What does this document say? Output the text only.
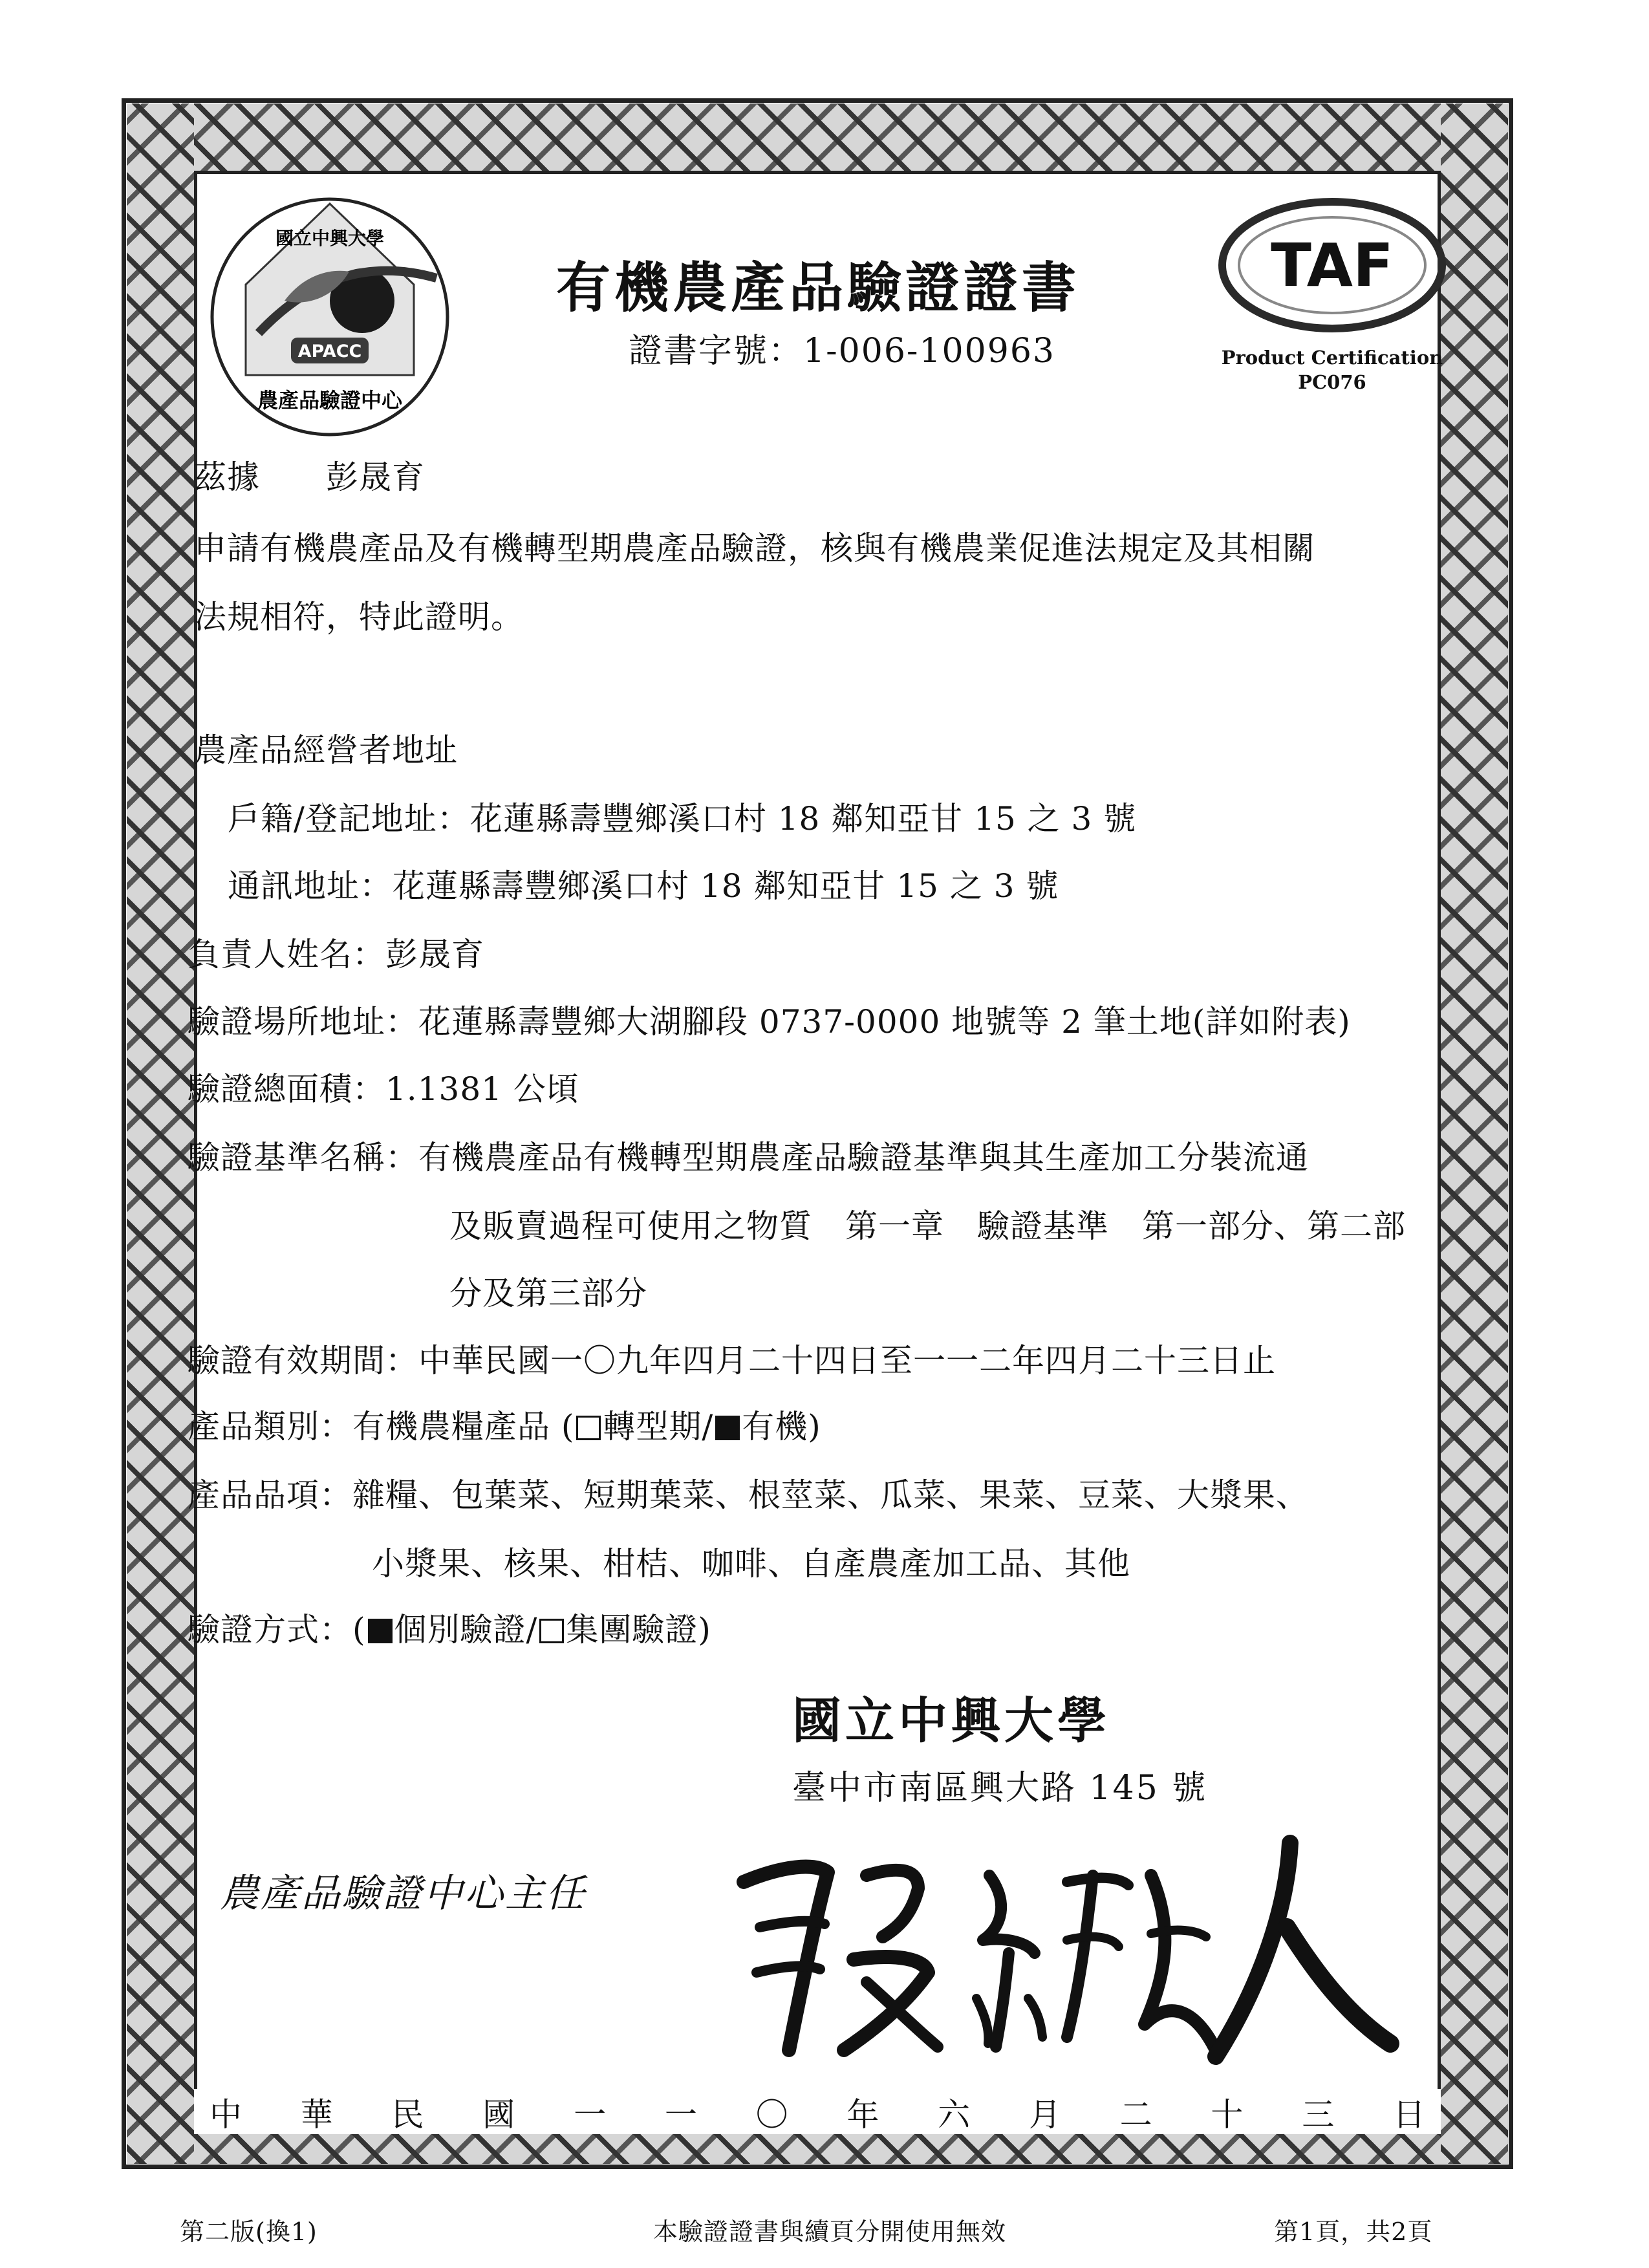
APACC
國立中興大學
農產品驗證中心
有機農產品驗證證書
證書字號：1-006-100963
TAF
Product Certification
PC076
茲據　　彭晟育
申請有機農產品及有機轉型期農產品驗證，核與有機農業促進法規定及其相關
法規相符，特此證明。
農產品經營者地址
戶籍/登記地址：花蓮縣壽豐鄉溪口村 18 鄰知亞甘 15 之 3 號
通訊地址：花蓮縣壽豐鄉溪口村 18 鄰知亞甘 15 之 3 號
負責人姓名：彭晟育
驗證場所地址：花蓮縣壽豐鄉大湖腳段 0737-0000 地號等 2 筆土地(詳如附表)
驗證總面積：1.1381 公頃
驗證基準名稱：有機農產品有機轉型期農產品驗證基準與其生產加工分裝流通
及販賣過程可使用之物質　第一章　驗證基準　第一部分、第二部
分及第三部分
驗證有效期間：中華民國一〇九年四月二十四日至一一二年四月二十三日止
產品類別：有機農糧產品 ( 轉型期/ 有機)
產品品項：雜糧、包葉菜、短期葉菜、根莖菜、瓜菜、果菜、豆菜、大漿果、
小漿果、核果、柑桔、咖啡、自產農產加工品、其他
驗證方式：( 個別驗證/ 集團驗證)
國立中興大學
臺中市南區興大路 145 號
農產品驗證中心主任
中 華 民 國 一 一 〇 年 六 月 二 十 三 日
第二版(換1)	本驗證證書與續頁分開使用無效	第1頁，共2頁
